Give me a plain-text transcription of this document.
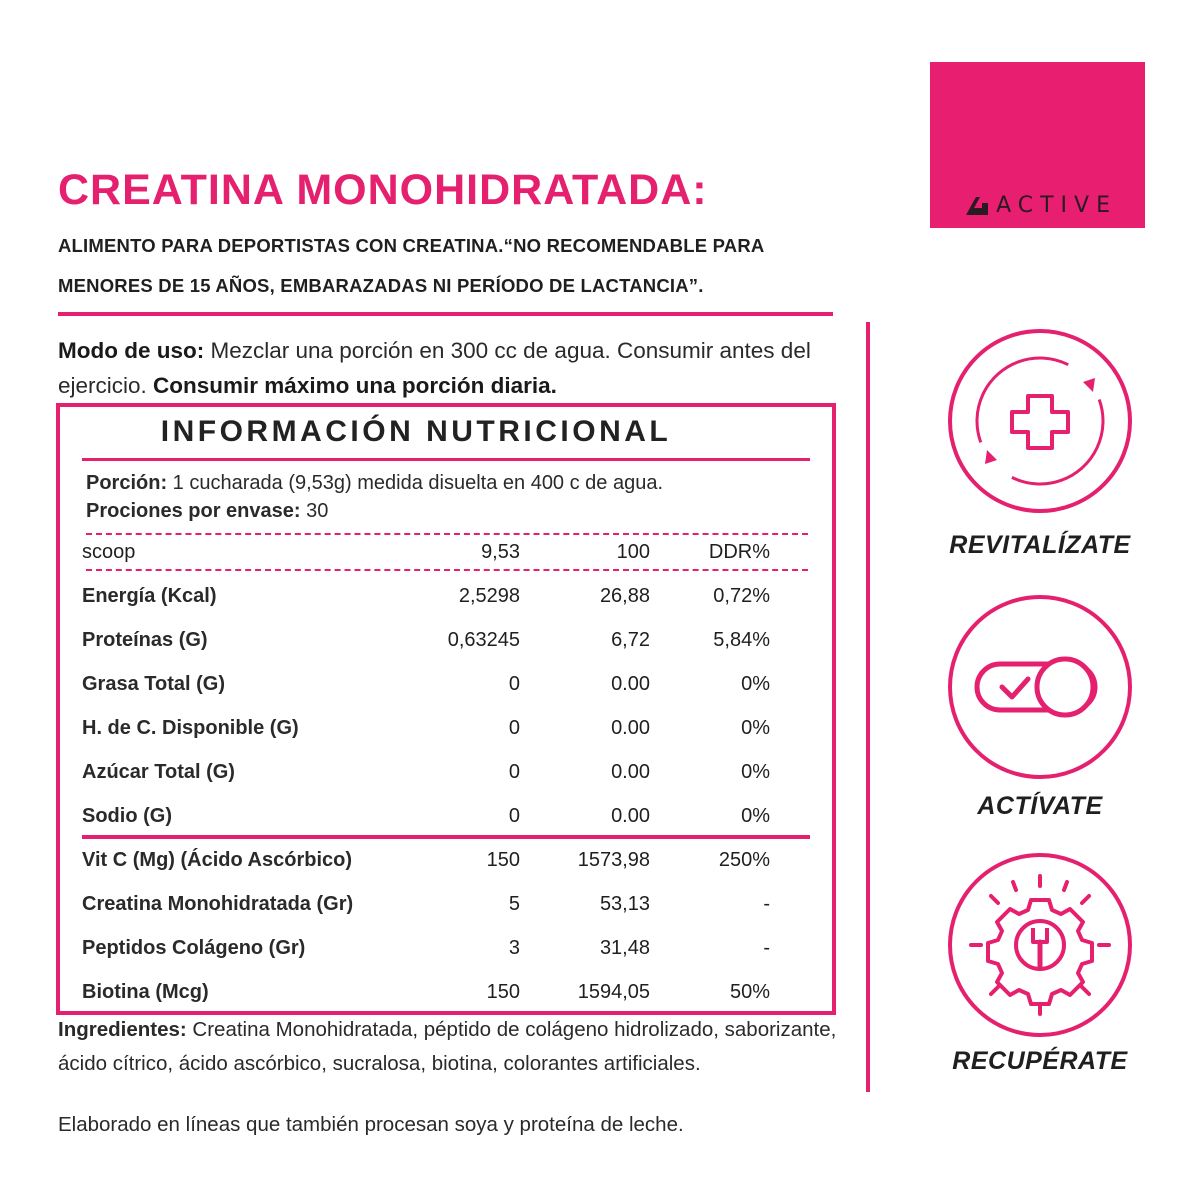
ACTIVE
CREATINA MONOHIDRATADA:
ALIMENTO PARA DEPORTISTAS CON CREATINA.“NO RECOMENDABLE PARA MENORES DE 15 AÑOS, EMBARAZADAS NI PERÍODO DE LACTANCIA”.
Modo de uso: Mezclar una porción en 300 cc de agua. Consumir antes del ejercicio. Consumir máximo una porción diaria.
INFORMACIÓN NUTRICIONAL
Porción: 1 cucharada (9,53g) medida disuelta en 400 c de agua.
Prociones por envase: 30
scoop	9,53	100	DDR%
Energía (Kcal)	2,5298	26,88	0,72%
Proteínas (G)	0,63245	6,72	5,84%
Grasa Total (G)	0	0.00	0%
H. de C. Disponible (G)	0	0.00	0%
Azúcar Total (G)	0	0.00	0%
Sodio (G)	0	0.00	0%
Vit C (Mg) (Ácido Ascórbico)	150	1573,98	250%
Creatina Monohidratada (Gr)	5	53,13	-
Peptidos Colágeno (Gr)	3	31,48	-
Biotina (Mcg)	150	1594,05	50%
Ingredientes: Creatina Monohidratada, péptido de colágeno hidrolizado, saborizante, ácido cítrico, ácido ascórbico, sucralosa, biotina, colorantes artificiales.
Elaborado en líneas que también procesan soya y proteína de leche.
REVITALÍZATE
ACTÍVATE
RECUPÉRATE
